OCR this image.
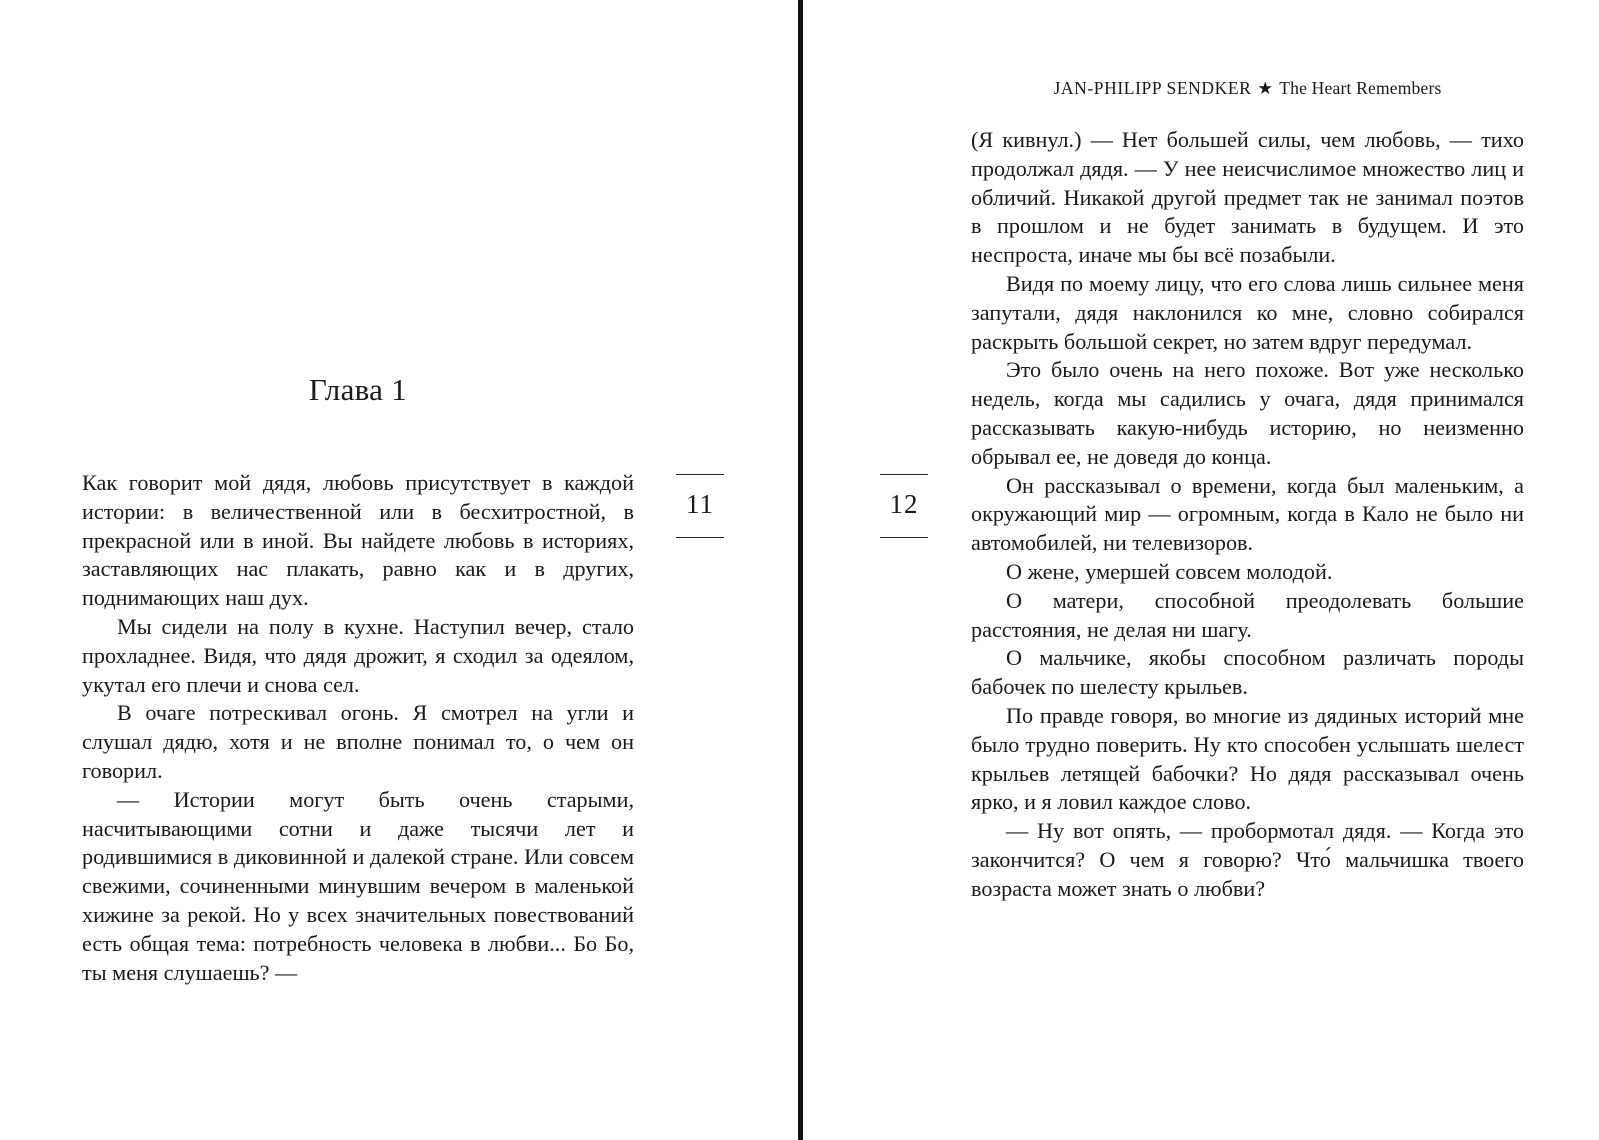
Глава 1

Как говорит мой дядя, любовь присутствует в каждой истории: в величественной или в бесхитростной, в прекрасной или в иной. Вы найдете любовь в историях, заставляющих нас плакать, равно как и в других, поднимающих наш дух.

Мы сидели на полу в кухне. Наступил вечер, стало прохладнее. Видя, что дядя дрожит, я сходил за одеялом, укутал его плечи и снова сел.

В очаге потрескивал огонь. Я смотрел на угли и слушал дядю, хотя и не вполне понимал то, о чем он говорил.

— Истории могут быть очень старыми, насчитывающими сотни и даже тысячи лет и родившимися в диковинной и далекой стране. Или совсем свежими, сочиненными минувшим вечером в маленькой хижине за рекой. Но у всех значительных повествований есть общая тема: потребность человека в любви... Бо Бо, ты меня слушаешь? —

11
JAN-PHILIPP SENDKER ★ The Heart Remembers
12

(Я кивнул.) — Нет большей силы, чем любовь, — тихо продолжал дядя. — У нее неисчислимое множество лиц и обличий. Никакой другой предмет так не занимал поэтов в прошлом и не будет занимать в будущем. И это неспроста, иначе мы бы всё позабыли.

Видя по моему лицу, что его слова лишь сильнее меня запутали, дядя наклонился ко мне, словно собирался раскрыть большой секрет, но затем вдруг передумал.

Это было очень на него похоже. Вот уже несколько недель, когда мы садились у очага, дядя принимался рассказывать какую-нибудь историю, но неизменно обрывал ее, не доведя до конца.

Он рассказывал о времени, когда был маленьким, а окружающий мир — огромным, когда в Кало не было ни автомобилей, ни телевизоров.

О жене, умершей совсем молодой.

О матери, способной преодолевать большие расстояния, не делая ни шагу.

О мальчике, якобы способном различать породы бабочек по шелесту крыльев.

По правде говоря, во многие из дядиных историй мне было трудно поверить. Ну кто способен услышать шелест крыльев летящей бабочки? Но дядя рассказывал очень ярко, и я ловил каждое слово.

— Ну вот опять, — пробормотал дядя. — Когда это закончится? О чем я говорю? Что́ мальчишка твоего возраста может знать о любви?
